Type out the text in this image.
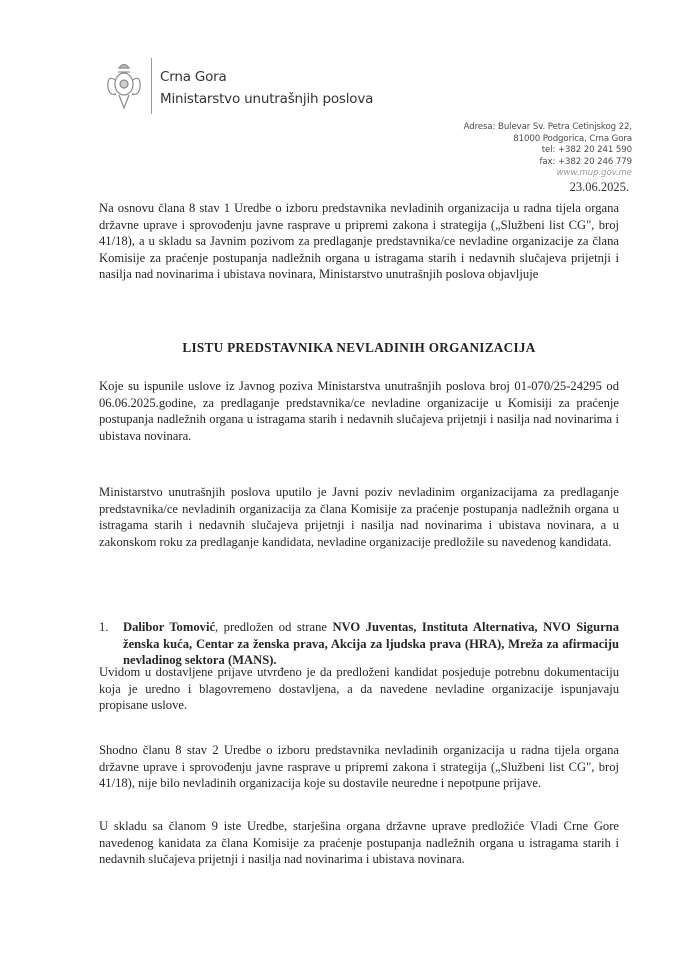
Crna Gora
Ministarstvo unutrašnjih poslova
Adresa: Bulevar Sv. Petra Cetinjskog 22,
81000 Podgorica, Crna Gora
tel: +382 20 241 590
fax: +382 20 246 779
www.mup.gov.me
23.06.2025.
Na osnovu člana 8 stav 1 Uredbe o izboru predstavnika nevladinih organizacija u radna tijela organa državne uprave i sprovođenju javne rasprave u pripremi zakona i strategija („Službeni list CG", broj 41/18), a u skladu sa Javnim pozivom za predlaganje predstavnika/ce nevladine organizacije za člana Komisije za praćenje postupanja nadležnih organa u istragama starih i nedavnih slučajeva prijetnji i nasilja nad novinarima i ubistava novinara, Ministarstvo unutrašnjih poslova objavljuje
LISTU PREDSTAVNIKA NEVLADINIH ORGANIZACIJA
Koje su ispunile uslove iz Javnog poziva Ministarstva unutrašnjih poslova broj 01-070/25-24295 od 06.06.2025.godine, za predlaganje predstavnika/ce nevladine organizacije u Komisiji za praćenje postupanja nadležnih organa u istragama starih i nedavnih slučajeva prijetnji i nasilja nad novinarima i ubistava novinara.
Ministarstvo unutrašnjih poslova uputilo je Javni poziv nevladinim organizacijama za predlaganje predstavnika/ce nevladinih organizacija za člana Komisije za praćenje postupanja nadležnih organa u istragama starih i nedavnih slučajeva prijetnji i nasilja nad novinarima i ubistava novinara, a u zakonskom roku za predlaganje kandidata, nevladine organizacije predložile su navedenog kandidata.
1. Dalibor Tomović, predložen od strane NVO Juventas, Instituta Alternativa, NVO Sigurna ženska kuća, Centar za ženska prava, Akcija za ljudska prava (HRA), Mreža za afirmaciju nevladinog sektora (MANS).
Uvidom u dostavljene prijave utvrđeno je da predloženi kandidat posjeduje potrebnu dokumentaciju koja je uredno i blagovremeno dostavljena, a da navedene nevladine organizacije ispunjavaju propisane uslove.
Shodno članu 8 stav 2 Uredbe o izboru predstavnika nevladinih organizacija u radna tijela organa državne uprave i sprovođenju javne rasprave u pripremi zakona i strategija („Službeni list CG", broj 41/18), nije bilo nevladinih organizacija koje su dostavile neuredne i nepotpune prijave.
U skladu sa članom 9 iste Uredbe, starješina organa državne uprave predložiće Vladi Crne Gore navedenog kanidata za člana Komisije za praćenje postupanja nadležnih organa u istragama starih i nedavnih slučajeva prijetnji i nasilja nad novinarima i ubistava novinara.
